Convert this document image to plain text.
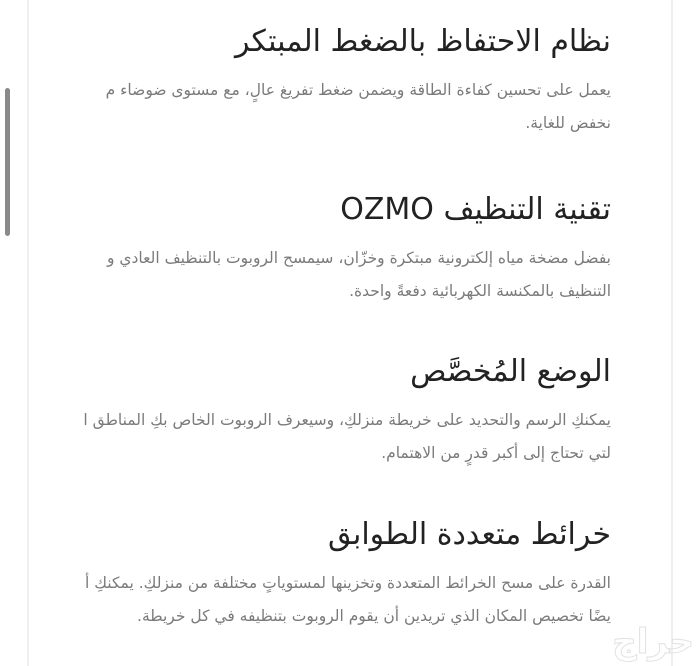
نظام الاحتفاظ بالضغط المبتكر

يعمل على تحسين كفاءة الطاقة ويضمن ضغط تفريغ عالٍ، مع مستوى ضوضاء م نخفض للغاية.

تقنية التنظيف OZMO

بفضل مضخة مياه إلكترونية مبتكرة وخزّان، سيمسح الروبوت بالتنظيف العادي و التنظيف بالمكنسة الكهربائية دفعةً واحدة.

الوضع المُخصَّص

يمكنكِ الرسم والتحديد على خريطة منزلكِ، وسيعرف الروبوت الخاص بكِ المناطق ا لتي تحتاج إلى أكبر قدرٍ من الاهتمام.

خرائط متعددة الطوابق

القدرة على مسح الخرائط المتعددة وتخزينها لمستوياتٍ مختلفة من منزلكِ. يمكنكِ أ يضًا تخصيص المكان الذي تريدين أن يقوم الروبوت بتنظيفه في كل خريطة.

حراج
